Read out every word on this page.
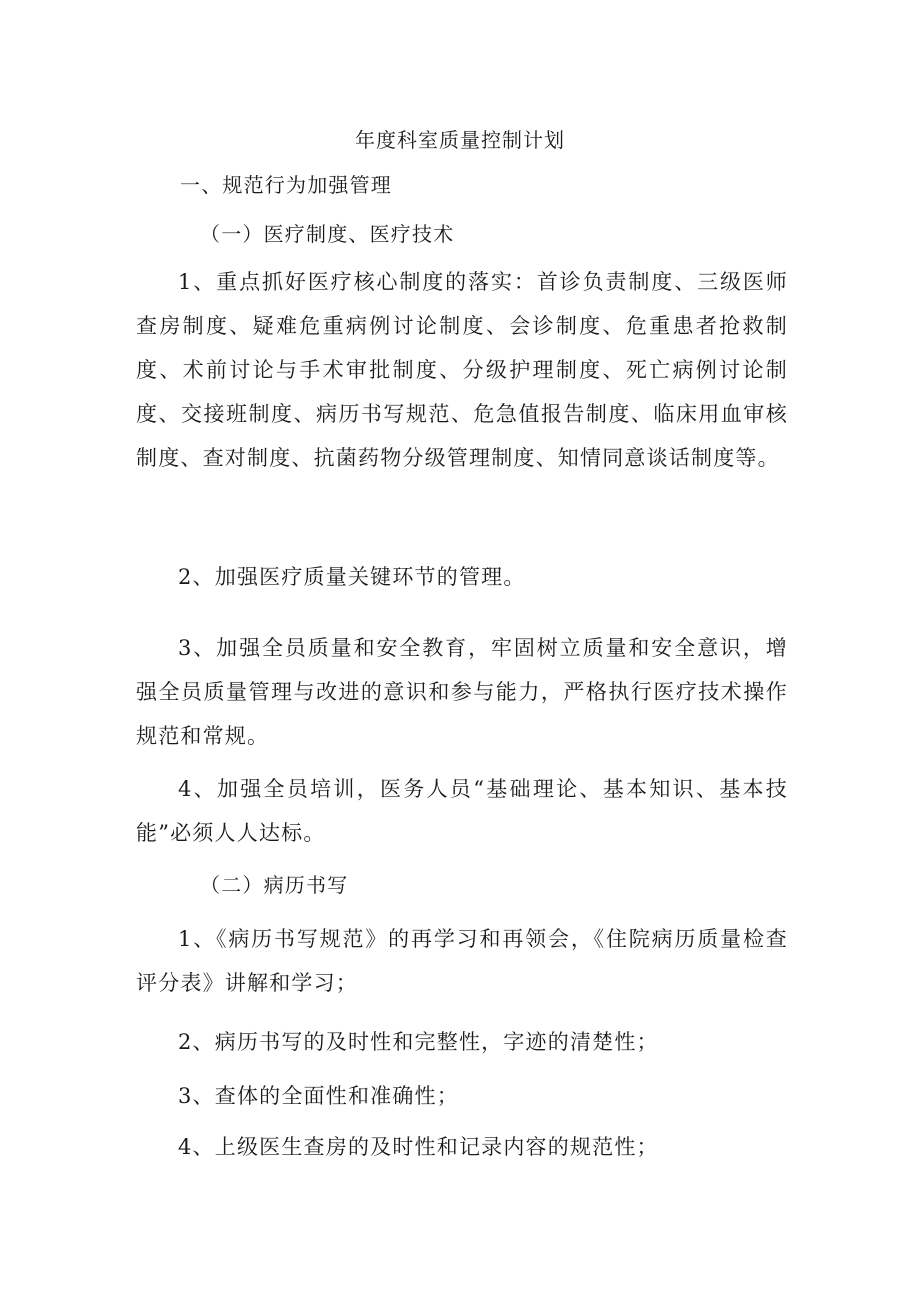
年度科室质量控制计划
一、规范行为加强管理
（一）医疗制度、医疗技术
1、重点抓好医疗核心制度的落实：首诊负责制度、三级医师查房制度、疑难危重病例讨论制度、会诊制度、危重患者抢救制度、术前讨论与手术审批制度、分级护理制度、死亡病例讨论制度、交接班制度、病历书写规范、危急值报告制度、临床用血审核制度、查对制度、抗菌药物分级管理制度、知情同意谈话制度等。
2、加强医疗质量关键环节的管理。
3、加强全员质量和安全教育，牢固树立质量和安全意识，增强全员质量管理与改进的意识和参与能力，严格执行医疗技术操作规范和常规。
4、加强全员培训，医务人员“基础理论、基本知识、基本技能”必须人人达标。
（二）病历书写
1、《病历书写规范》的再学习和再领会，《住院病历质量检查评分表》讲解和学习；
2、病历书写的及时性和完整性，字迹的清楚性；
3、查体的全面性和准确性；
4、上级医生查房的及时性和记录内容的规范性；
